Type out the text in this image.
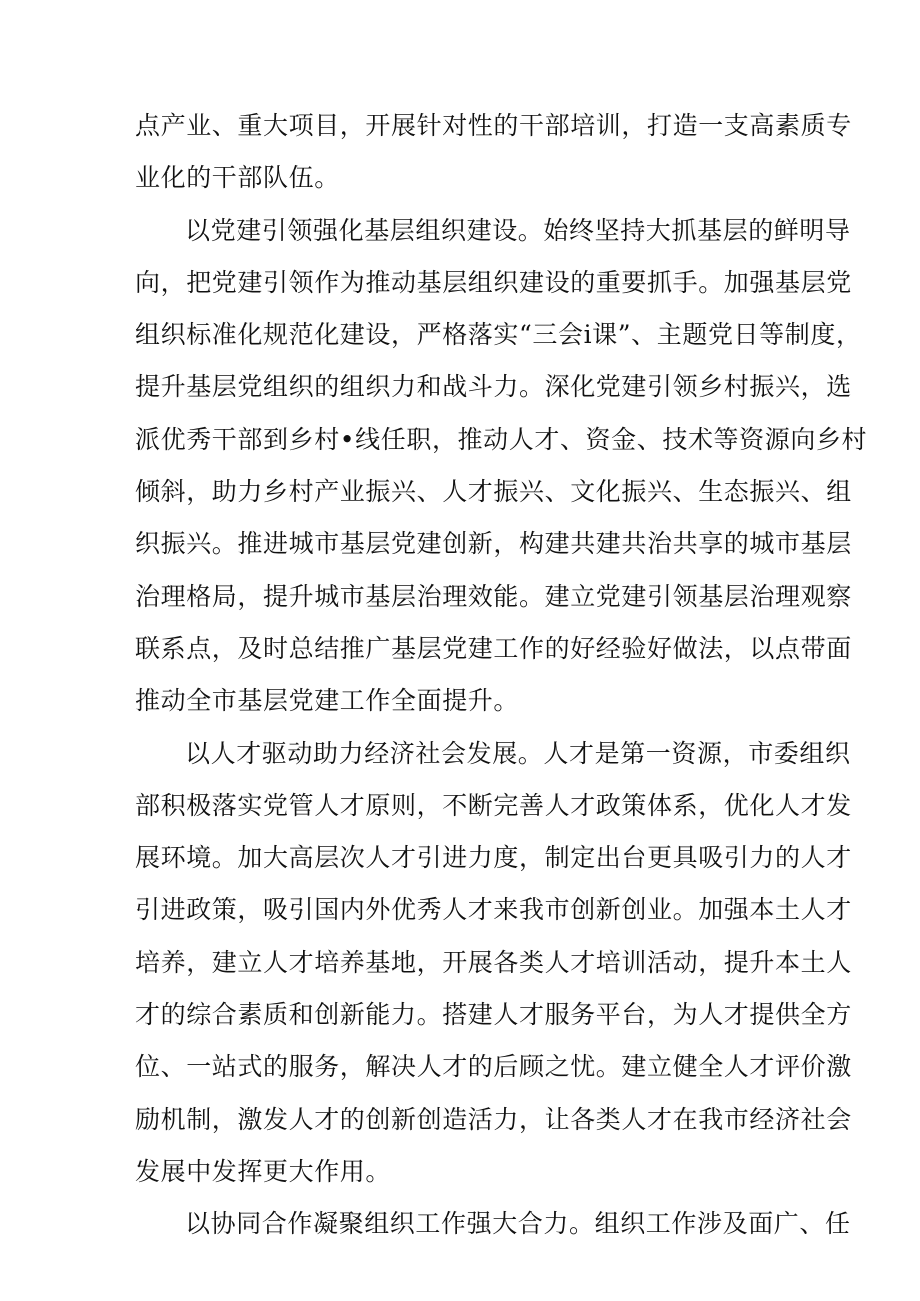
点产业、重大项目，开展针对性的干部培训，打造一支高素质专
业化的干部队伍。
以党建引领强化基层组织建设。始终坚持大抓基层的鲜明导
向，把党建引领作为推动基层组织建设的重要抓手。加强基层党
组织标准化规范化建设，严格落实“三会i课”、主题党日等制度，
提升基层党组织的组织力和战斗力。深化党建引领乡村振兴，选
派优秀干部到乡村•线任职，推动人才、资金、技术等资源向乡村
倾斜，助力乡村产业振兴、人才振兴、文化振兴、生态振兴、组
织振兴。推进城市基层党建创新，构建共建共治共享的城市基层
治理格局，提升城市基层治理效能。建立党建引领基层治理观察
联系点，及时总结推广基层党建工作的好经验好做法，以点带面
推动全市基层党建工作全面提升。
以人才驱动助力经济社会发展。人才是第一资源，市委组织
部积极落实党管人才原则，不断完善人才政策体系，优化人才发
展环境。加大高层次人才引进力度，制定出台更具吸引力的人才
引进政策，吸引国内外优秀人才来我市创新创业。加强本土人才
培养，建立人才培养基地，开展各类人才培训活动，提升本土人
才的综合素质和创新能力。搭建人才服务平台，为人才提供全方
位、一站式的服务，解决人才的后顾之忧。建立健全人才评价激
励机制，激发人才的创新创造活力，让各类人才在我市经济社会
发展中发挥更大作用。
以协同合作凝聚组织工作强大合力。组织工作涉及面广、任
